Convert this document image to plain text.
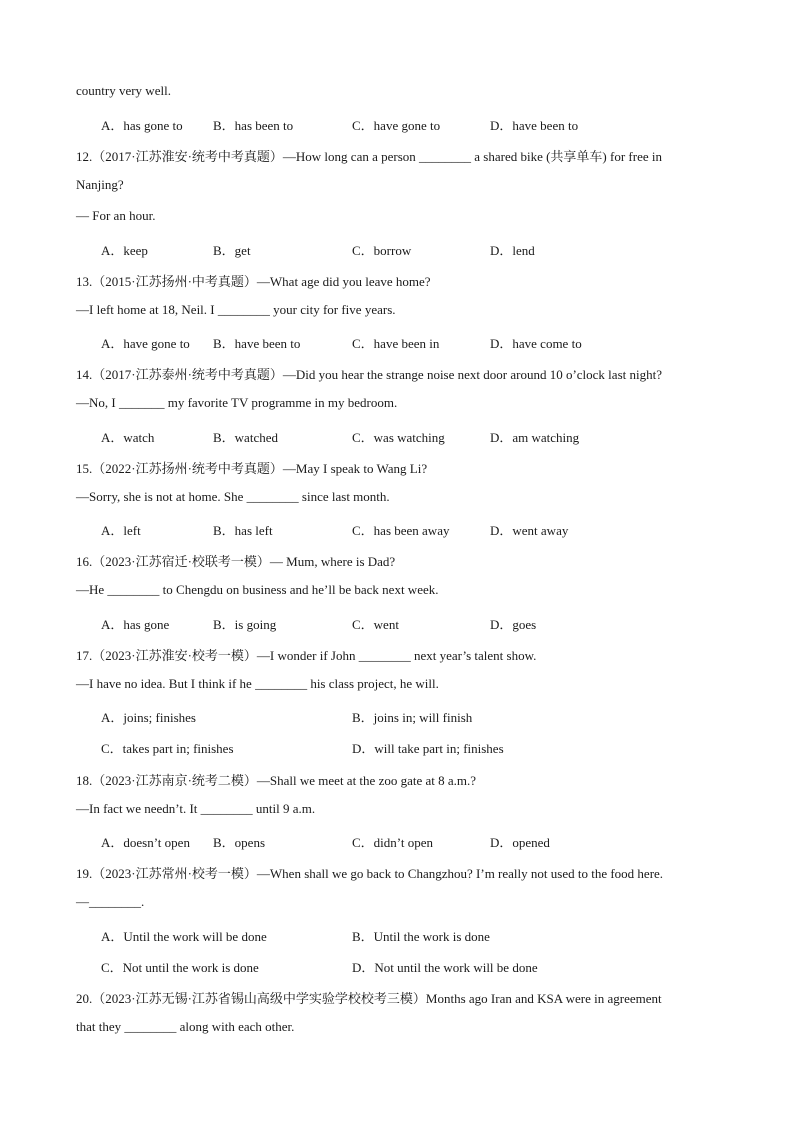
country very well.
A．has gone to B．has been to	C．have gone to	D．have been to
12.（2017·江苏淮安·统考中考真题）—How long can a person ________ a shared bike (共享单车) for free in
Nanjing?
— For an hour.
A．keep	B．get	C．borrow	D．lend
13.（2015·江苏扬州·中考真题）—What age did you leave home?
—I left home at 18, Neil. I ________ your city for five years.
A．have gone to B．have been to	C．have been in	D．have come to
14.（2017·江苏泰州·统考中考真题）—Did you hear the strange noise next door around 10 o’clock last night?
—No, I _______ my favorite TV programme in my bedroom.
A．watch	B．watched	C．was watching	D．am watching
15.（2022·江苏扬州·统考中考真题）—May I speak to Wang Li?
—Sorry, she is not at home. She ________ since last month.
A．left	B．has left	C．has been away	D．went away
16.（2023·江苏宿迁·校联考一模）— Mum, where is Dad?
—He ________ to Chengdu on business and he’ll be back next week.
A．has gone	B．is going	C．went	D．goes
17.（2023·江苏淮安·校考一模）—I wonder if John ________ next year’s talent show.
—I have no idea. But I think if he ________ his class project, he will.
A．joins; finishes	B．joins in; will finish
C．takes part in; finishes	D．will take part in; finishes
18.（2023·江苏南京·统考二模）—Shall we meet at the zoo gate at 8 a.m.?
—In fact we needn’t. It ________ until 9 a.m.
A．doesn’t open B．opens	C．didn’t open	D．opened
19.（2023·江苏常州·校考一模）—When shall we go back to Changzhou? I’m really not used to the food here.
—________.
A．Until the work will be done	B．Until the work is done
C．Not until the work is done	D．Not until the work will be done
20.（2023·江苏无锡·江苏省锡山高级中学实验学校校考三模）Months ago Iran and KSA were in agreement
that they ________ along with each other.
